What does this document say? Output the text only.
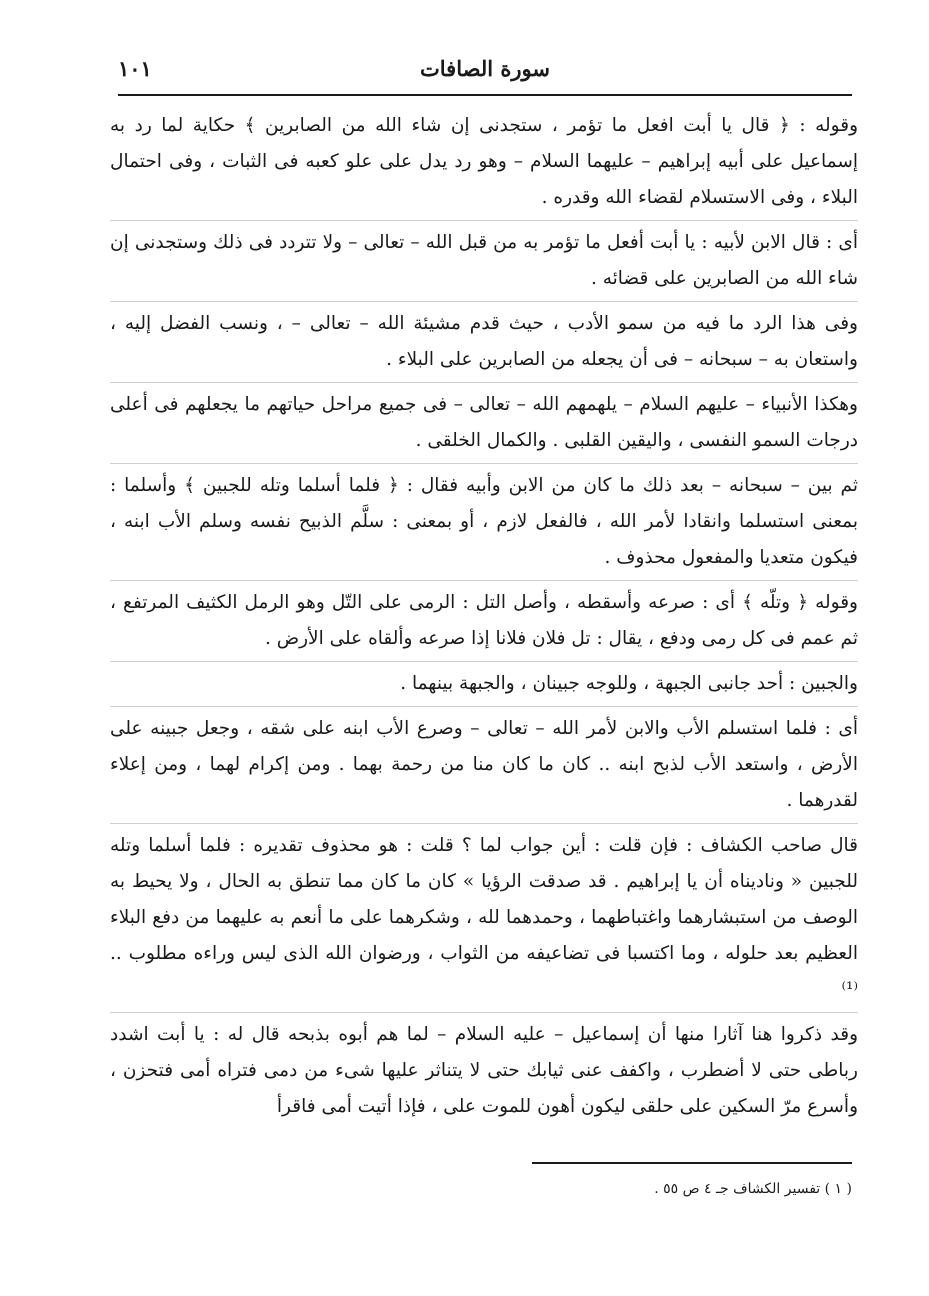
سورة الصافات
١٠١

وقوله : ﴿ قال يا أبت افعل ما تؤمر ، ستجدنى إن شاء الله من الصابرين ﴾ حكاية لما رد به إسماعيل على أبيه إبراهيم – عليهما السلام – وهو رد يدل على علو كعبه فى الثبات ، وفى احتمال البلاء ، وفى الاستسلام لقضاء الله وقدره .

أى : قال الابن لأبيه : يا أبت أفعل ما تؤمر به من قبل الله – تعالى – ولا تتردد فى ذلك وستجدنى إن شاء الله من الصابرين على قضائه .

وفى هذا الرد ما فيه من سمو الأدب ، حيث قدم مشيئة الله – تعالى – ، ونسب الفضل إليه ، واستعان به – سبحانه – فى أن يجعله من الصابرين على البلاء .

وهكذا الأنبياء – عليهم السلام – يلهمهم الله – تعالى – فى جميع مراحل حياتهم ما يجعلهم فى أعلى درجات السمو النفسى ، واليقين القلبى . والكمال الخلقى .

ثم بين – سبحانه – بعد ذلك ما كان من الابن وأبيه فقال : ﴿ فلما أسلما وتله للجبين ﴾ وأسلما : بمعنى استسلما وانقادا لأمر الله ، فالفعل لازم ، أو بمعنى : سلَّم الذبيح نفسه وسلم الأب ابنه ، فيكون متعديا والمفعول محذوف .

وقوله ﴿ وتلّه ﴾ أى : صرعه وأسقطه ، وأصل التل : الرمى على التّل وهو الرمل الكثيف المرتفع ، ثم عمم فى كل رمى ودفع ، يقال : تل فلان فلانا إذا صرعه وألقاه على الأرض .

والجبين : أحد جانبى الجبهة ، وللوجه جبينان ، والجبهة بينهما .

أى : فلما استسلم الأب والابن لأمر الله – تعالى – وصرع الأب ابنه على شقه ، وجعل جبينه على الأرض ، واستعد الأب لذبح ابنه .. كان ما كان منا من رحمة بهما . ومن إكرام لهما ، ومن إعلاء لقدرهما .

قال صاحب الكشاف : فإن قلت : أين جواب لما ؟ قلت : هو محذوف تقديره : فلما أسلما وتله للجبين « وناديناه أن يا إبراهيم . قد صدقت الرؤيا » كان ما كان مما تنطق به الحال ، ولا يحيط به الوصف من استبشارهما واغتباطهما ، وحمدهما لله ، وشكرهما على ما أنعم به عليهما من دفع البلاء العظيم بعد حلوله ، وما اكتسبا فى تضاعيفه من الثواب ، ورضوان الله الذى ليس وراءه مطلوب ..⁽¹⁾

وقد ذكروا هنا آثارا منها أن إسماعيل – عليه السلام – لما هم أبوه بذبحه قال له : يا أبت اشدد رباطى حتى لا أضطرب ، واكفف عنى ثيابك حتى لا يتناثر عليها شىء من دمى فتراه أمى فتحزن ، وأسرع مرّ السكين على حلقى ليكون أهون للموت على ، فإذا أتيت أمى فاقرأ

( ١ ) تفسير الكشاف جـ ٤ ص ٥٥ .
